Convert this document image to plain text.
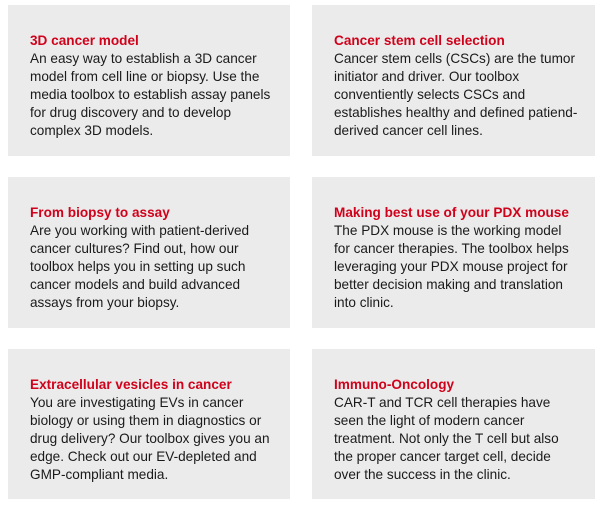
3D cancer model

An easy way to establish a 3D cancer model from cell line or biopsy. Use the media toolbox to establish assay panels for drug discovery and to develop complex 3D models.

Cancer stem cell selection

Cancer stem cells (CSCs) are the tumor initiator and driver. Our toolbox conventiently selects CSCs and establishes healthy and defined patiend-derived cancer cell lines.

From biopsy to assay

Are you working with patient-derived cancer cultures? Find out, how our toolbox helps you in setting up such cancer models and build advanced assays from your biopsy.

Making best use of your PDX mouse

The PDX mouse is the working model for cancer therapies. The toolbox helps leveraging your PDX mouse project for better decision making and translation into clinic.

Extracellular vesicles in cancer

You are investigating EVs in cancer biology or using them in diagnostics or drug delivery? Our toolbox gives you an edge. Check out our EV-depleted and GMP-compliant media.

Immuno-Oncology

CAR-T and TCR cell therapies have seen the light of modern cancer treatment. Not only the T cell but also the proper cancer target cell, decide over the success in the clinic.
